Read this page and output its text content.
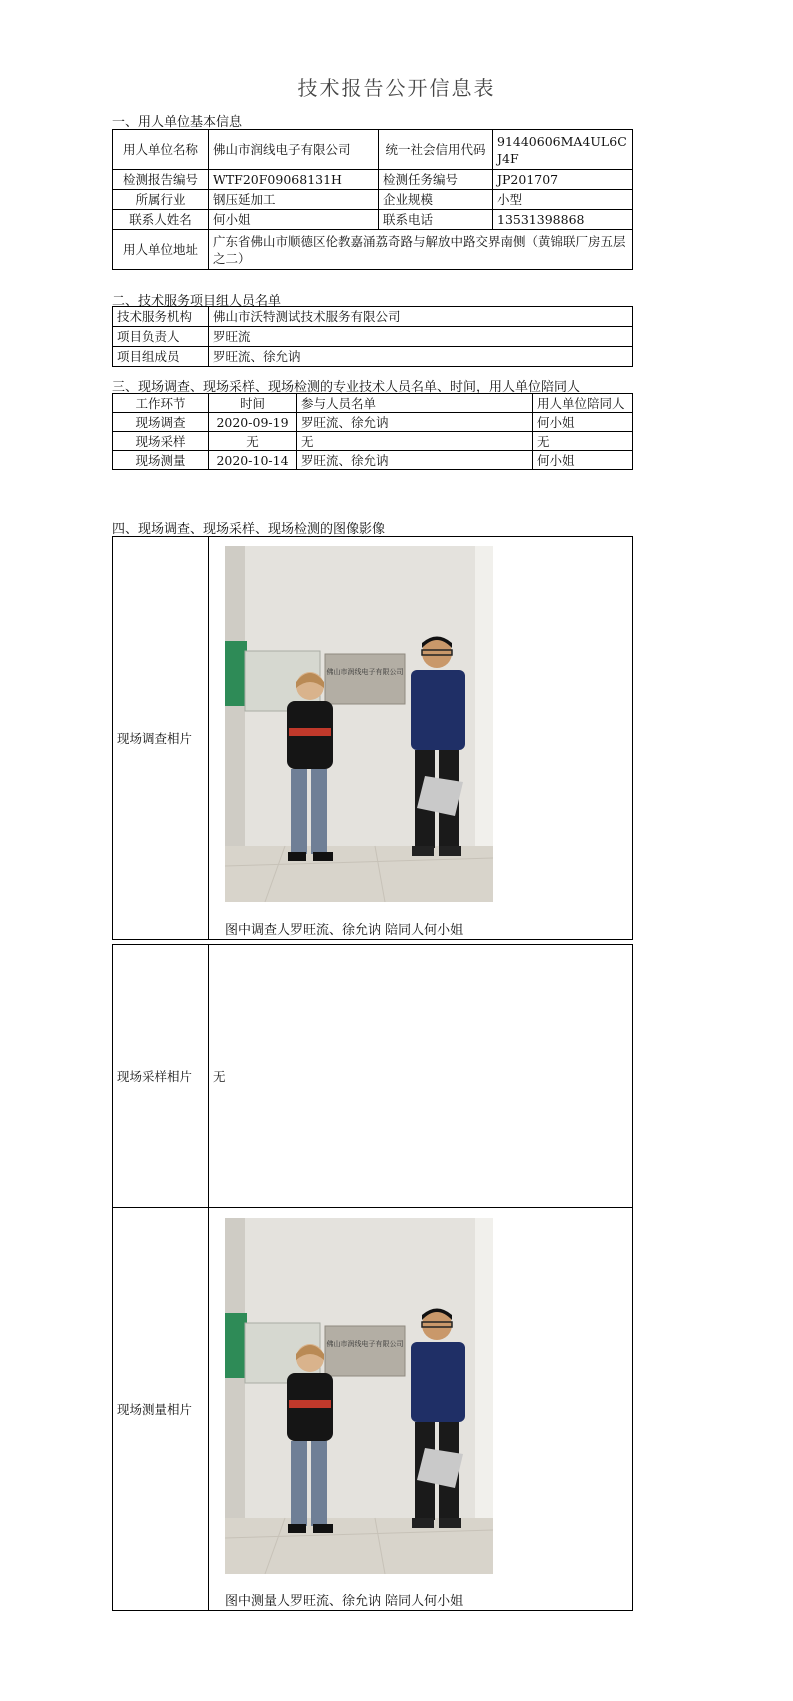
技术报告公开信息表
一、用人单位基本信息
用人单位名称	佛山市润线电子有限公司	统一社会信用代码	91440606MA4UL6CJ4F
检测报告编号	WTF20F09068131H	检测任务编号	JP201707
所属行业	钢压延加工	企业规模	小型
联系人姓名	何小姐	联系电话	13531398868
用人单位地址	广东省佛山市顺德区伦教嘉涌荔奇路与解放中路交界南侧（黄锦联厂房五层之二）		
二、技术服务项目组人员名单
技术服务机构	佛山市沃特测试技术服务有限公司
项目负责人	罗旺流
项目组成员	罗旺流、徐允讷
三、现场调查、现场采样、现场检测的专业技术人员名单、时间，用人单位陪同人
工作环节	时间	参与人员名单	用人单位陪同人
现场调查	2020-09-19	罗旺流、徐允讷	何小姐
现场采样	无	无	无
现场测量	2020-10-14	罗旺流、徐允讷	何小姐
四、现场调查、现场采样、现场检测的图像影像
现场调查相片	
佛山市润线电子有限公司
图中调查人罗旺流、徐允讷 陪同人何小姐
现场采样相片	无
现场测量相片	
佛山市润线电子有限公司
图中测量人罗旺流、徐允讷 陪同人何小姐
